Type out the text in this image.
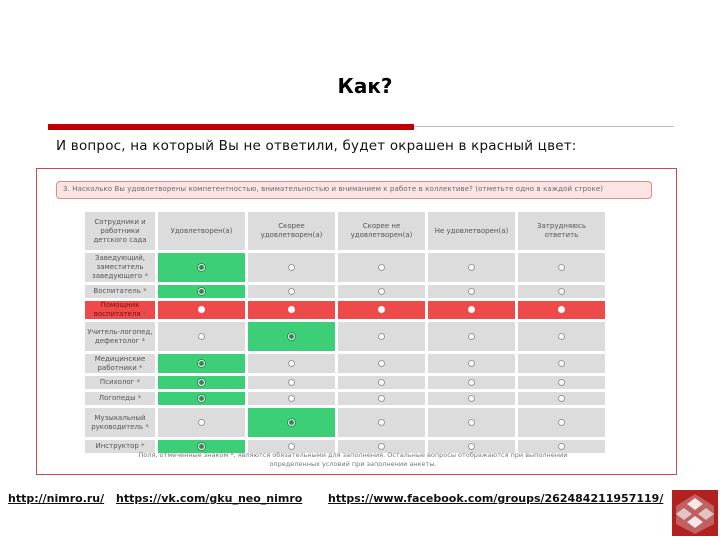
Как?
И вопрос, на который Вы не ответили, будет окрашен в красный цвет:
3. Насколько Вы удовлетворены компетентностью, внимательностью и вниманием к работе в коллективе? (отметьте одно в каждой строке)
Сотрудники и работники детского сада	Удовлетворен(а)	Скорее удовлетворен(а)	Скорее не удовлетворен(а)	Не удовлетворен(а)	Затрудняюсь ответить
Заведующий, заместитель заведующего *					
Воспитатель *					
Помощник воспитателя *					
Учитель-логопед, дефектолог *					
Медицинские работники *					
Психолог *					
Логопеды *					
Музыкальный руководитель *					
Инструктор *					
Поля, отмеченные знаком *, являются обязательными для заполнения. Остальные вопросы отображаются при выполнении определенных условий при заполнении анкеты.
http://nimro.ru/ https://vk.com/gku_neo_nimro https://www.facebook.com/groups/262484211957119/
